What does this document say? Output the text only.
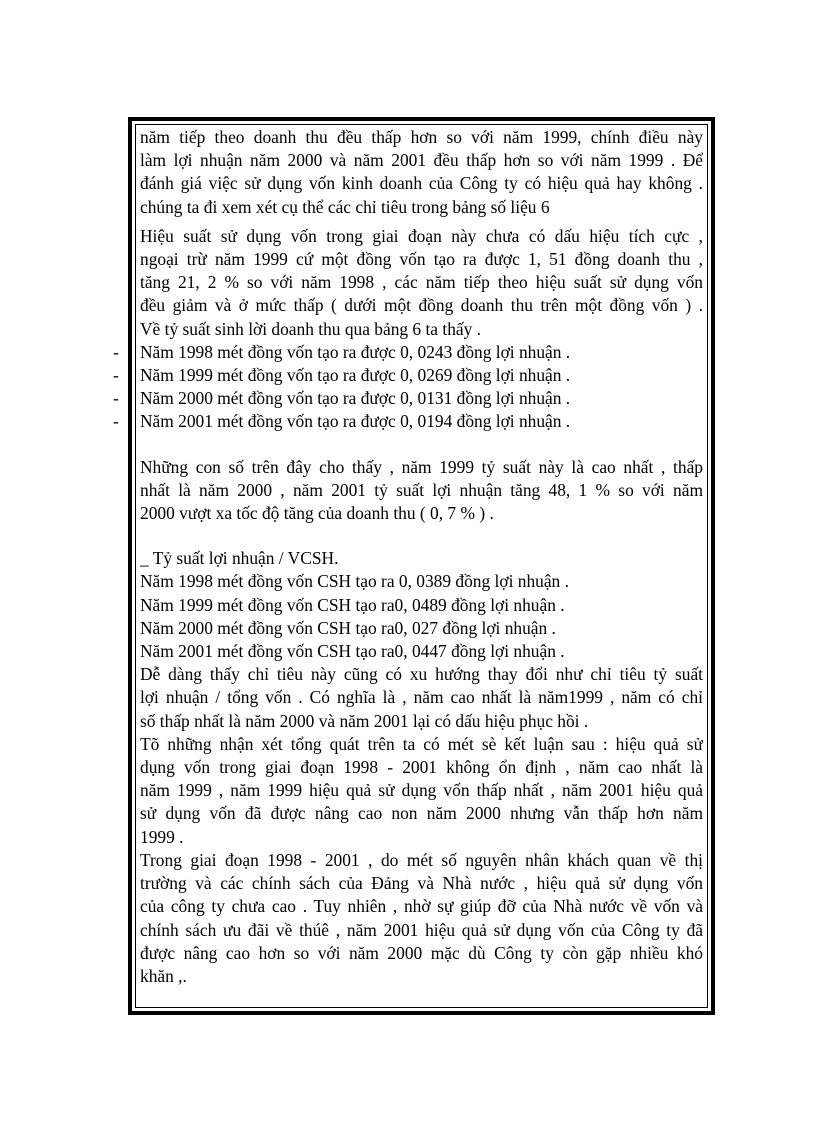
năm tiếp theo doanh thu đều thấp hơn so với năm 1999, chính điều này
làm lợi nhuận năm 2000 và năm 2001 đều thấp hơn so với năm 1999 . Để
đánh giá việc sử dụng vốn kinh doanh của Công ty có hiệu quả hay không .
chúng ta đi xem xét cụ thể các chỉ tiêu trong bảng số liệu 6
Hiệu suất sử dụng vốn trong giai đoạn này chưa có dấu hiệu tích cực ,
ngoại trừ năm 1999 cứ một đồng vốn tạo ra được 1, 51 đồng doanh thu ,
tăng 21, 2 % so với năm 1998 , các năm tiếp theo hiệu suất sử dụng vốn
đều giảm và ở mức thấp ( dưới một đồng doanh thu trên một đồng vốn ) .
Về tỷ suất sinh lời doanh thu qua bảng 6 ta thấy .
- Năm 1998 mét đồng vốn tạo ra được 0, 0243 đồng lợi nhuận .
- Năm 1999 mét đồng vốn tạo ra được 0, 0269 đồng lợi nhuận .
- Năm 2000 mét đồng vốn tạo ra được 0, 0131 đồng lợi nhuận .
- Năm 2001 mét đồng vốn tạo ra được 0, 0194 đồng lợi nhuận .
Những con số trên đây cho thấy , năm 1999 tỷ suất này là cao nhất , thấp
nhất là năm 2000 , năm 2001 tỷ suất lợi nhuận tăng 48, 1 % so với năm
2000 vượt xa tốc độ tăng của doanh thu ( 0, 7 % ) .
_ Tỷ suất lợi nhuận / VCSH.
Năm 1998 mét đồng vốn CSH tạo ra 0, 0389 đồng lợi nhuận .
Năm 1999 mét đồng vốn CSH tạo ra0, 0489 đồng lợi nhuận .
Năm 2000 mét đồng vốn CSH tạo ra0, 027 đồng lợi nhuận .
Năm 2001 mét đồng vốn CSH tạo ra0, 0447 đồng lợi nhuận .
Dễ dàng thấy chỉ tiêu này cũng có xu hướng thay đổi như chỉ tiêu tỷ suất
lợi nhuận / tổng vốn . Có nghĩa là , năm cao nhất là năm1999 , năm có chỉ
số thấp nhất là năm 2000 và năm 2001 lại có dấu hiệu phục hồi .
Tõ những nhận xét tổng quát trên ta có mét sè kết luận sau : hiệu quả sử
dụng vốn trong giai đoạn 1998 - 2001 không ổn định , năm cao nhất là
năm 1999 , năm 1999 hiệu quả sử dụng vốn thấp nhất , năm 2001 hiệu quả
sử dụng vốn đã được nâng cao non năm 2000 nhưng vẫn thấp hơn năm
1999 .
Trong giai đoạn 1998 - 2001 , do mét số nguyên nhân khách quan về thị
trường và các chính sách của Đảng và Nhà nước , hiệu quả sử dụng vốn
của công ty chưa cao . Tuy nhiên , nhờ sự giúp đỡ của Nhà nước về vốn và
chính sách ưu đãi về thúê , năm 2001 hiệu quả sử dụng vốn của Công ty đã
được nâng cao hơn so với năm 2000 mặc dù Công ty còn gặp nhiều khó
khăn ,.
